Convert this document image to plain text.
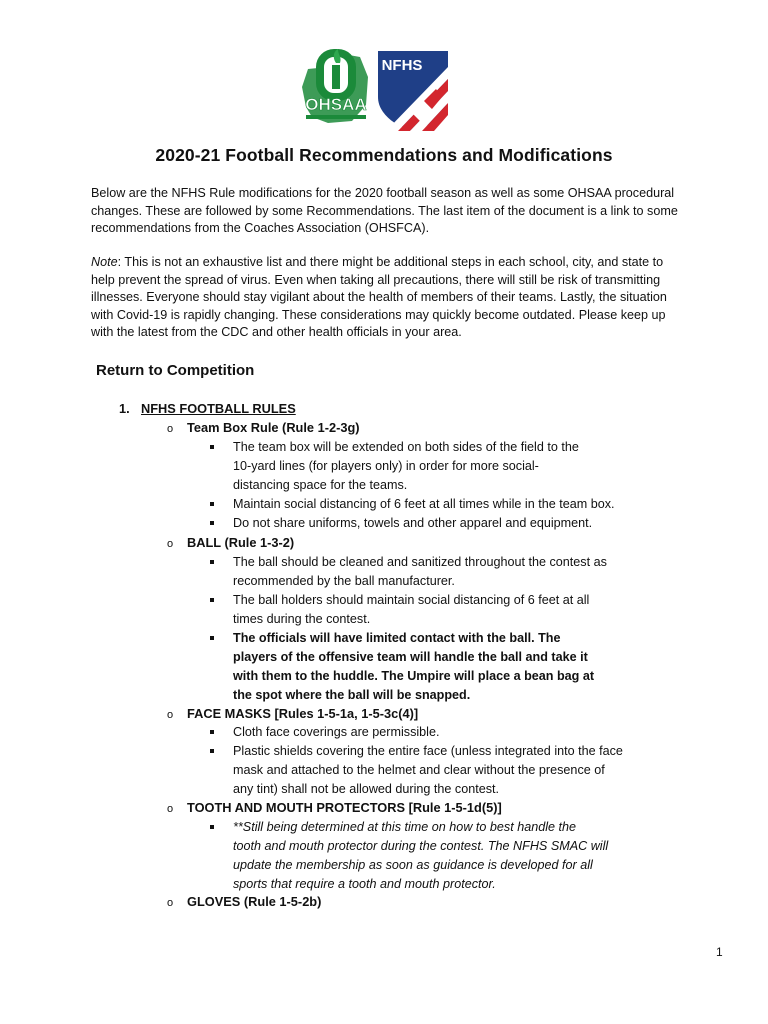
OHSAA
NFHS
2020-21 Football Recommendations and Modifications
Below are the NFHS Rule modifications for the 2020 football season as well as some OHSAA procedural
changes. These are followed by some Recommendations. The last item of the document is a link to some
recommendations from the Coaches Association (OHSFCA).
Note: This is not an exhaustive list and there might be additional steps in each school, city, and state to
help prevent the spread of virus. Even when taking all precautions, there will still be risk of transmitting
illnesses. Everyone should stay vigilant about the health of members of their teams. Lastly, the situation
with Covid-19 is rapidly changing. These considerations may quickly become outdated. Please keep up
with the latest from the CDC and other health officials in your area.
Return to Competition
1. NFHS FOOTBALL RULES
o Team Box Rule (Rule 1-2-3g)
The team box will be extended on both sides of the field to the
10-yard lines (for players only) in order for more social-
distancing space for the teams.
Maintain social distancing of 6 feet at all times while in the team box.
Do not share uniforms, towels and other apparel and equipment.
o BALL (Rule 1-3-2)
The ball should be cleaned and sanitized throughout the contest as
recommended by the ball manufacturer.
The ball holders should maintain social distancing of 6 feet at all
times during the contest.
The officials will have limited contact with the ball. The
players of the offensive team will handle the ball and take it
with them to the huddle. The Umpire will place a bean bag at
the spot where the ball will be snapped.
o FACE MASKS [Rules 1-5-1a, 1-5-3c(4)]
Cloth face coverings are permissible.
Plastic shields covering the entire face (unless integrated into the face
mask and attached to the helmet and clear without the presence of
any tint) shall not be allowed during the contest.
o TOOTH AND MOUTH PROTECTORS [Rule 1-5-1d(5)]
**Still being determined at this time on how to best handle the
tooth and mouth protector during the contest. The NFHS SMAC will
update the membership as soon as guidance is developed for all
sports that require a tooth and mouth protector.
o GLOVES (Rule 1-5-2b)
1
